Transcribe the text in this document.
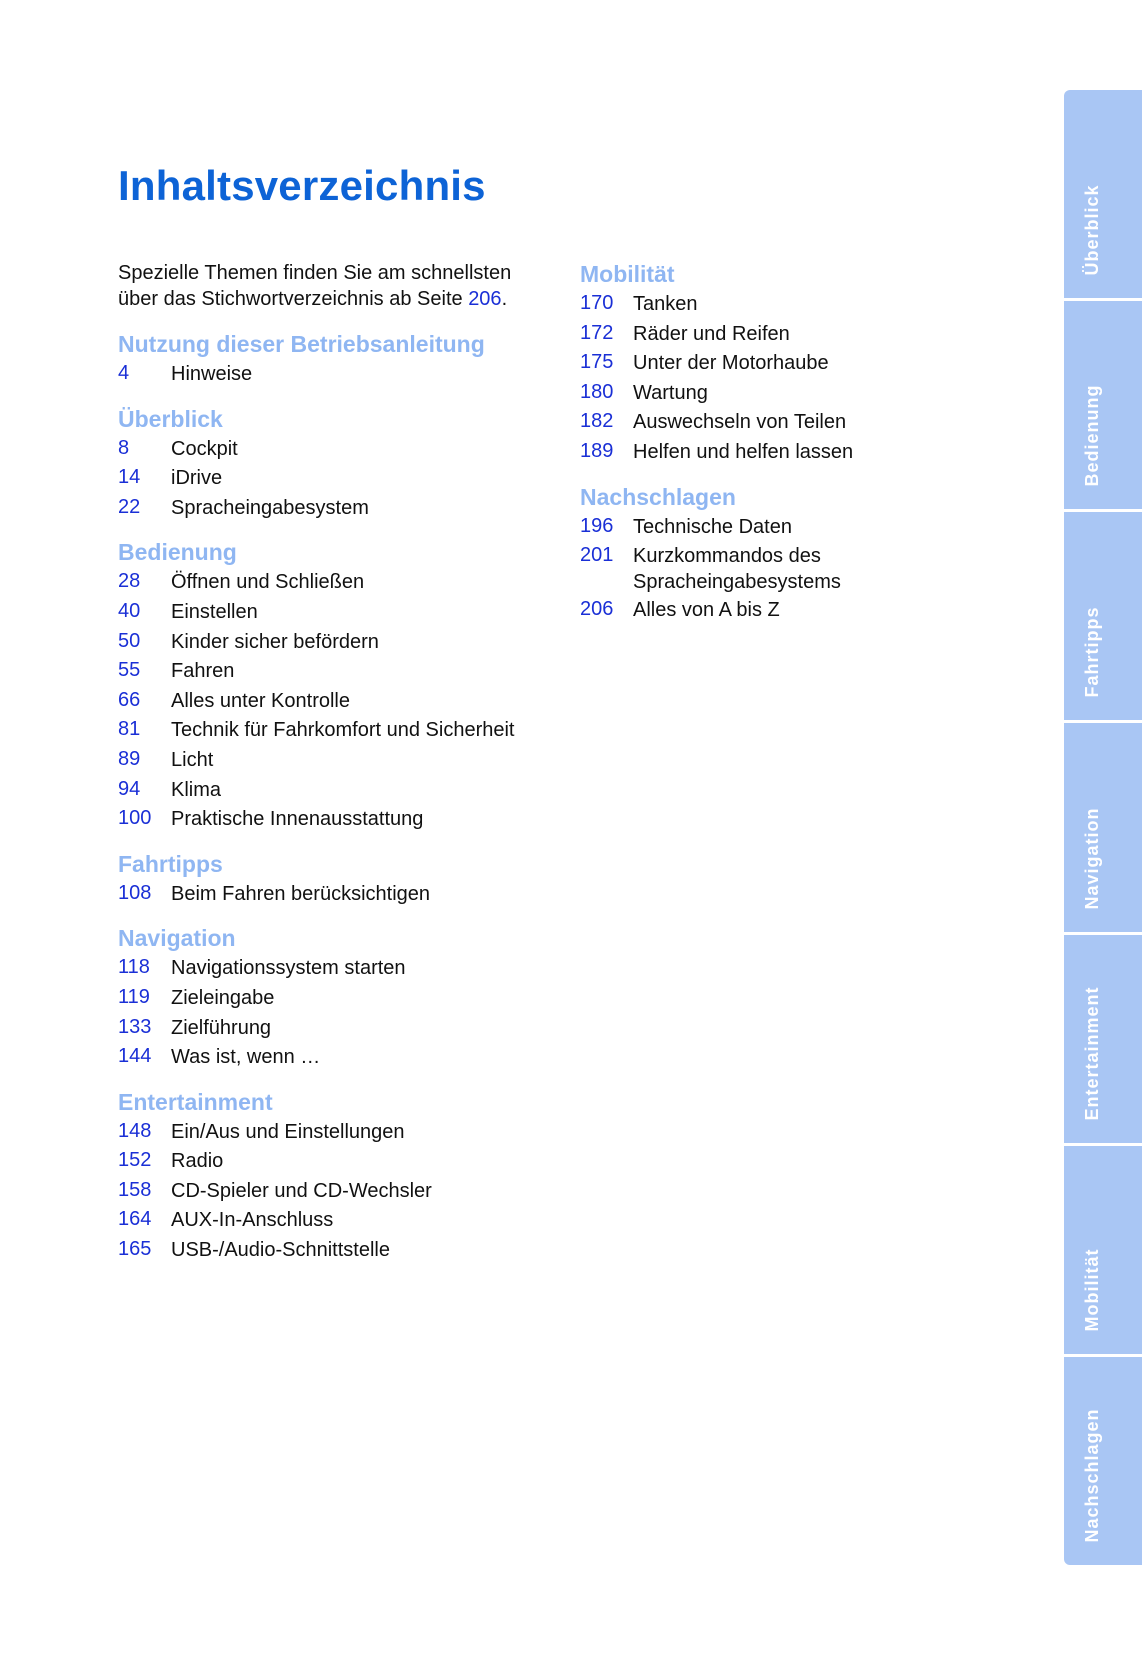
Inhaltsverzeichnis

Spezielle Themen finden Sie am schnellsten über das Stichwortverzeichnis ab Seite 206.

Nutzung dieser Betriebsanleitung
4	Hinweise
Überblick
8	Cockpit
14	iDrive
22	Spracheingabesystem
Bedienung
28	Öffnen und Schließen
40	Einstellen
50	Kinder sicher befördern
55	Fahren
66	Alles unter Kontrolle
81	Technik für Fahrkomfort und Sicherheit
89	Licht
94	Klima
100 Praktische Innenausstattung
Fahrtipps
108 Beim Fahren berücksichtigen
Navigation
118	Navigationssystem starten
119	Zieleingabe
133 Zielführung
144 Was ist, wenn …
Entertainment
148 Ein/Aus und Einstellungen
152 Radio
158 CD-Spieler und CD-Wechsler
164 AUX-In-Anschluss
165 USB-/Audio-Schnittstelle
Mobilität
170 Tanken
172 Räder und Reifen
175 Unter der Motorhaube
180 Wartung
182 Auswechseln von Teilen
189 Helfen und helfen lassen
Nachschlagen
196 Technische Daten
201 Kurzkommandos des Spracheingabesystems
206 Alles von A bis Z
Überblick
Bedienung
Fahrtipps
Navigation
Entertainment
Mobilität
Nachschlagen
